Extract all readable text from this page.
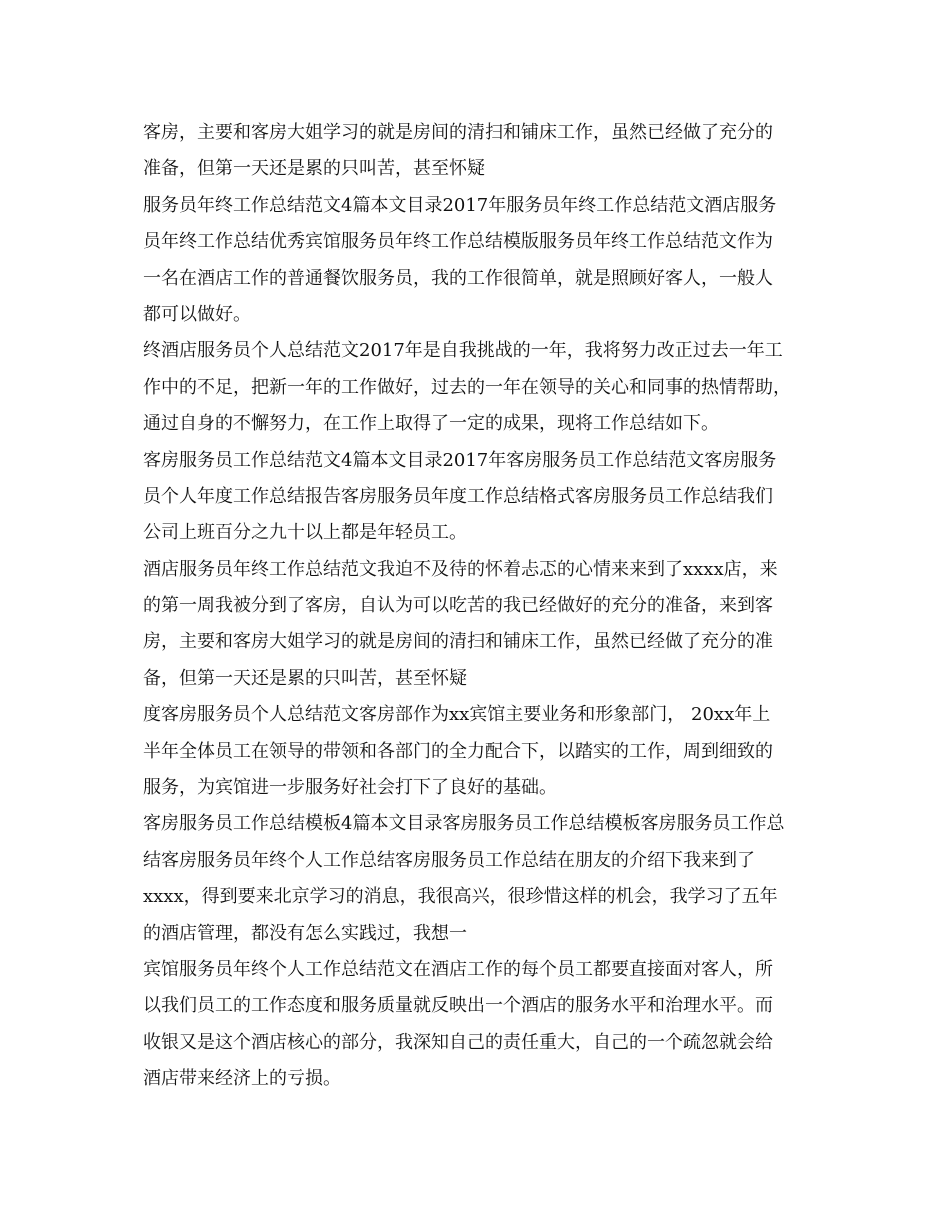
客房，主要和客房大姐学习的就是房间的清扫和铺床工作，虽然已经做了充分的
准备，但第一天还是累的只叫苦，甚至怀疑
服务员年终工作总结范文4篇本文目录2017年服务员年终工作总结范文酒店服务
员年终工作总结优秀宾馆服务员年终工作总结模版服务员年终工作总结范文作为
一名在酒店工作的普通餐饮服务员，我的工作很简单，就是照顾好客人，一般人
都可以做好。
终酒店服务员个人总结范文2017年是自我挑战的一年，我将努力改正过去一年工
作中的不足，把新一年的工作做好，过去的一年在领导的关心和同事的热情帮助，
通过自身的不懈努力，在工作上取得了一定的成果，现将工作总结如下。
客房服务员工作总结范文4篇本文目录2017年客房服务员工作总结范文客房服务
员个人年度工作总结报告客房服务员年度工作总结格式客房服务员工作总结我们
公司上班百分之九十以上都是年轻员工。
酒店服务员年终工作总结范文我迫不及待的怀着忐忑的心情来来到了xxxx店，来
的第一周我被分到了客房，自认为可以吃苦的我已经做好的充分的准备，来到客
房，主要和客房大姐学习的就是房间的清扫和铺床工作，虽然已经做了充分的准
备，但第一天还是累的只叫苦，甚至怀疑
度客房服务员个人总结范文客房部作为xx宾馆主要业务和形象部门， 20xx年上
半年全体员工在领导的带领和各部门的全力配合下，以踏实的工作，周到细致的
服务，为宾馆进一步服务好社会打下了良好的基础。
客房服务员工作总结模板4篇本文目录客房服务员工作总结模板客房服务员工作总
结客房服务员年终个人工作总结客房服务员工作总结在朋友的介绍下我来到了
xxxx，得到要来北京学习的消息，我很高兴，很珍惜这样的机会，我学习了五年
的酒店管理，都没有怎么实践过，我想一
宾馆服务员年终个人工作总结范文在酒店工作的每个员工都要直接面对客人，所
以我们员工的工作态度和服务质量就反映出一个酒店的服务水平和治理水平。而
收银又是这个酒店核心的部分，我深知自己的责任重大，自己的一个疏忽就会给
酒店带来经济上的亏损。
